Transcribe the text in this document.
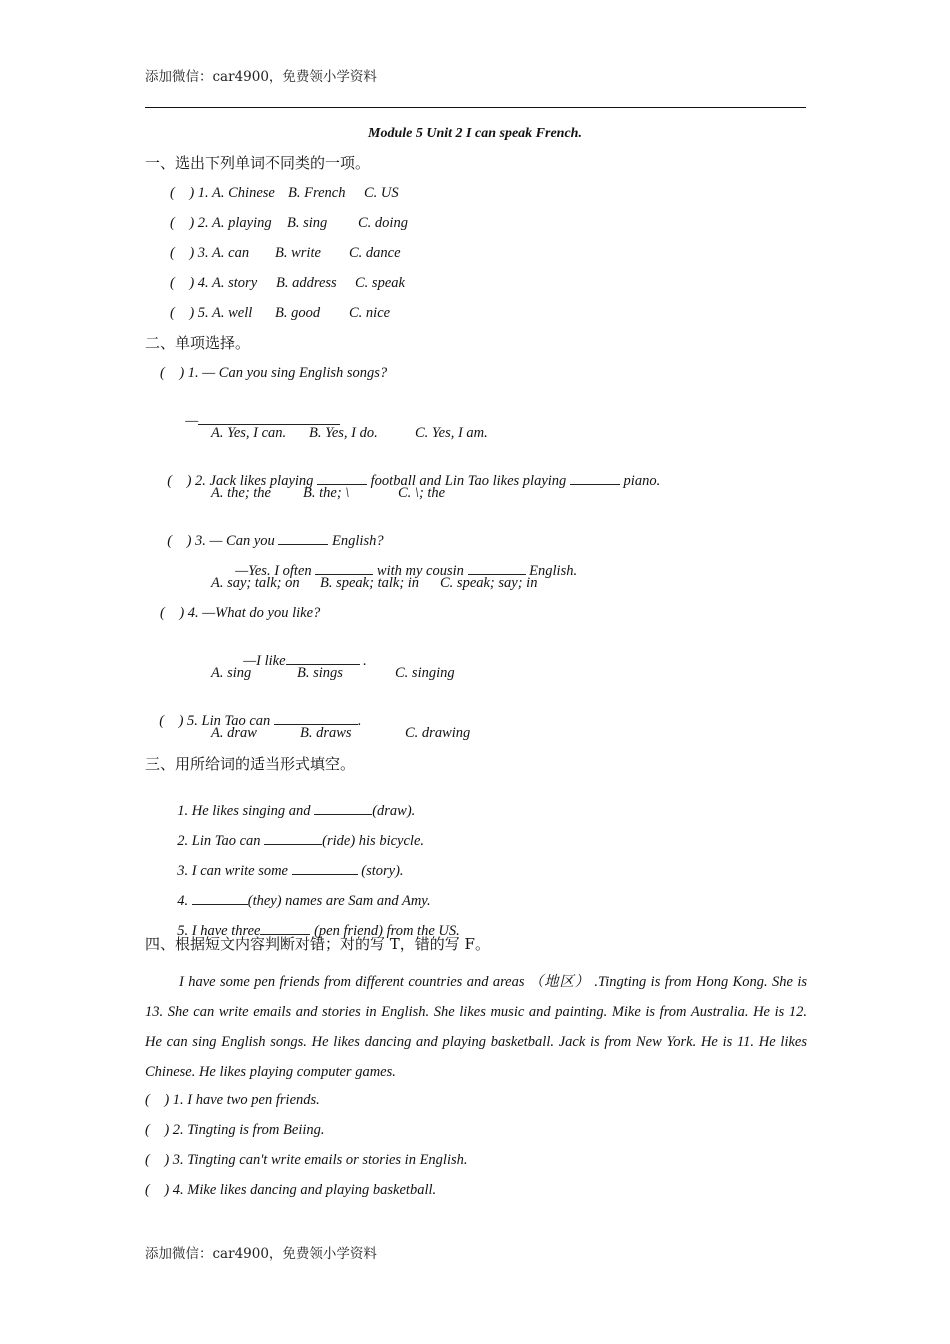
添加微信：car4900，免费领小学资料
Module 5 Unit 2 I can speak French.
一、选出下列单词不同类的一项。
(    ) 1. A. Chinese B. French C. US
(    ) 2. A. playing B. sing C. doing
(    ) 3. A. can B. write C. dance
(    ) 4. A. story B. address C. speak
(    ) 5. A. well B. good C. nice
二、单项选择。
(    ) 1. — Can you sing English songs?

—

A. Yes, I can. B. Yes, I do.	C. Yes, I am.

(    ) 2. Jack likes playing	football and Lin Tao likes playing	piano.

A. the; the B. the; \	C. \; the

(    ) 3. — Can you	English?

—Yes. I often	with my cousin	English.

A. say; talk; on B. speak; talk; in C. speak; say; in
(    ) 4. —What do you like?

—I like	.

A. sing	B. sings	C. singing

(    ) 5. Lin Tao can	.

A. draw	B. draws	C. drawing
三、用所给词的适当形式填空。

1. He likes singing and	(draw).

2. Lin Tao can	(ride) his bicycle.

3. I can write some	(story).

4.	(they) names are Sam and Amy.

5. I have three	(pen friend) from the US.

四、根据短文内容判断对错；对的写 T，错的写 F。
I have some pen friends from different countries and areas （地区） .Tingting is from Hong Kong. She is 13. She can write emails and stories in English. She likes music and painting. Mike is from Australia. He is 12. He can sing English songs. He likes dancing and playing basketball. Jack is from New York. He is 11. He likes Chinese. He likes playing computer games.
(    ) 1. I have two pen friends.
(    ) 2. Tingting is from Beiing.
(    ) 3. Tingting can't write emails or stories in English.
(    ) 4. Mike likes dancing and playing basketball.
添加微信：car4900，免费领小学资料
